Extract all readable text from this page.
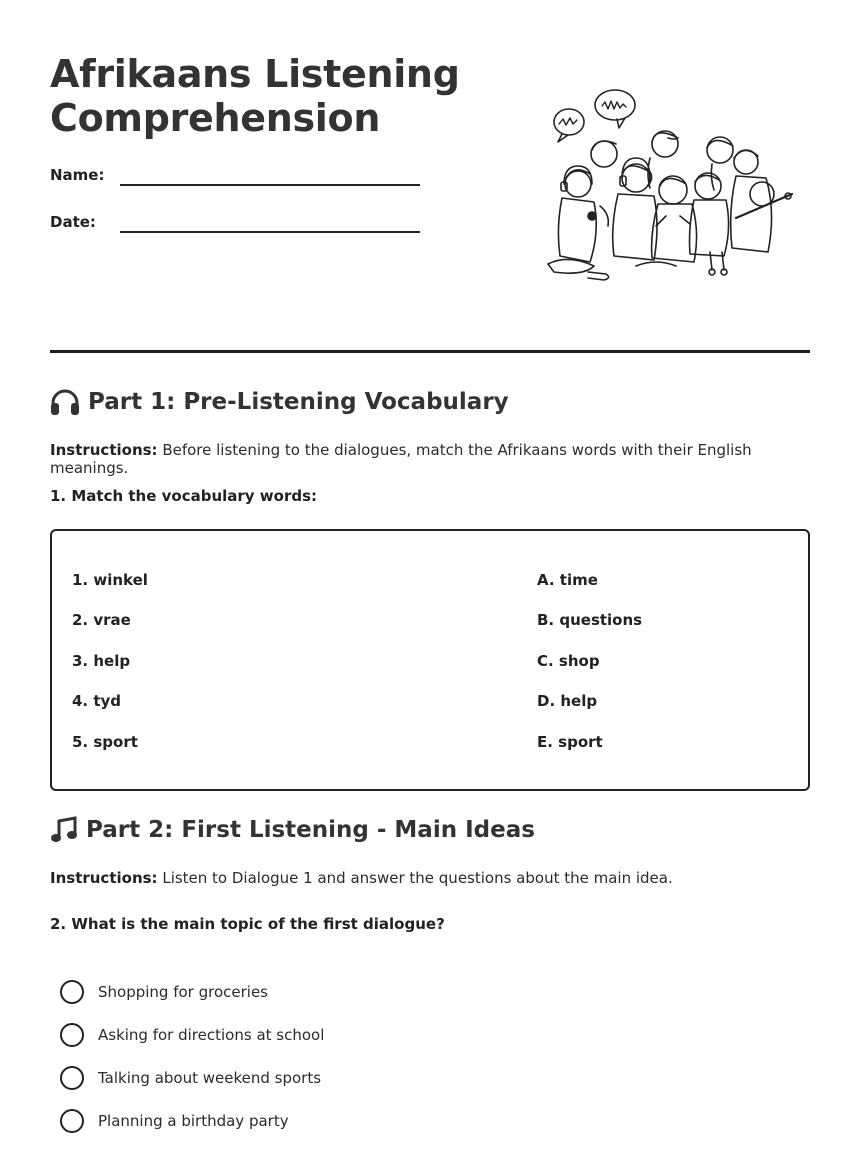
Afrikaans Listening
Comprehension
Name:
Date:
Part 1: Pre-Listening Vocabulary
Instructions: Before listening to the dialogues, match the Afrikaans words with their English meanings.
1. Match the vocabulary words:
1. winkel
2. vrae
3. help
4. tyd
5. sport
A. time
B. questions
C. shop
D. help
E. sport
Part 2: First Listening - Main Ideas
Instructions: Listen to Dialogue 1 and answer the questions about the main idea.
2. What is the main topic of the first dialogue?
Shopping for groceries
Asking for directions at school
Talking about weekend sports
Planning a birthday party
